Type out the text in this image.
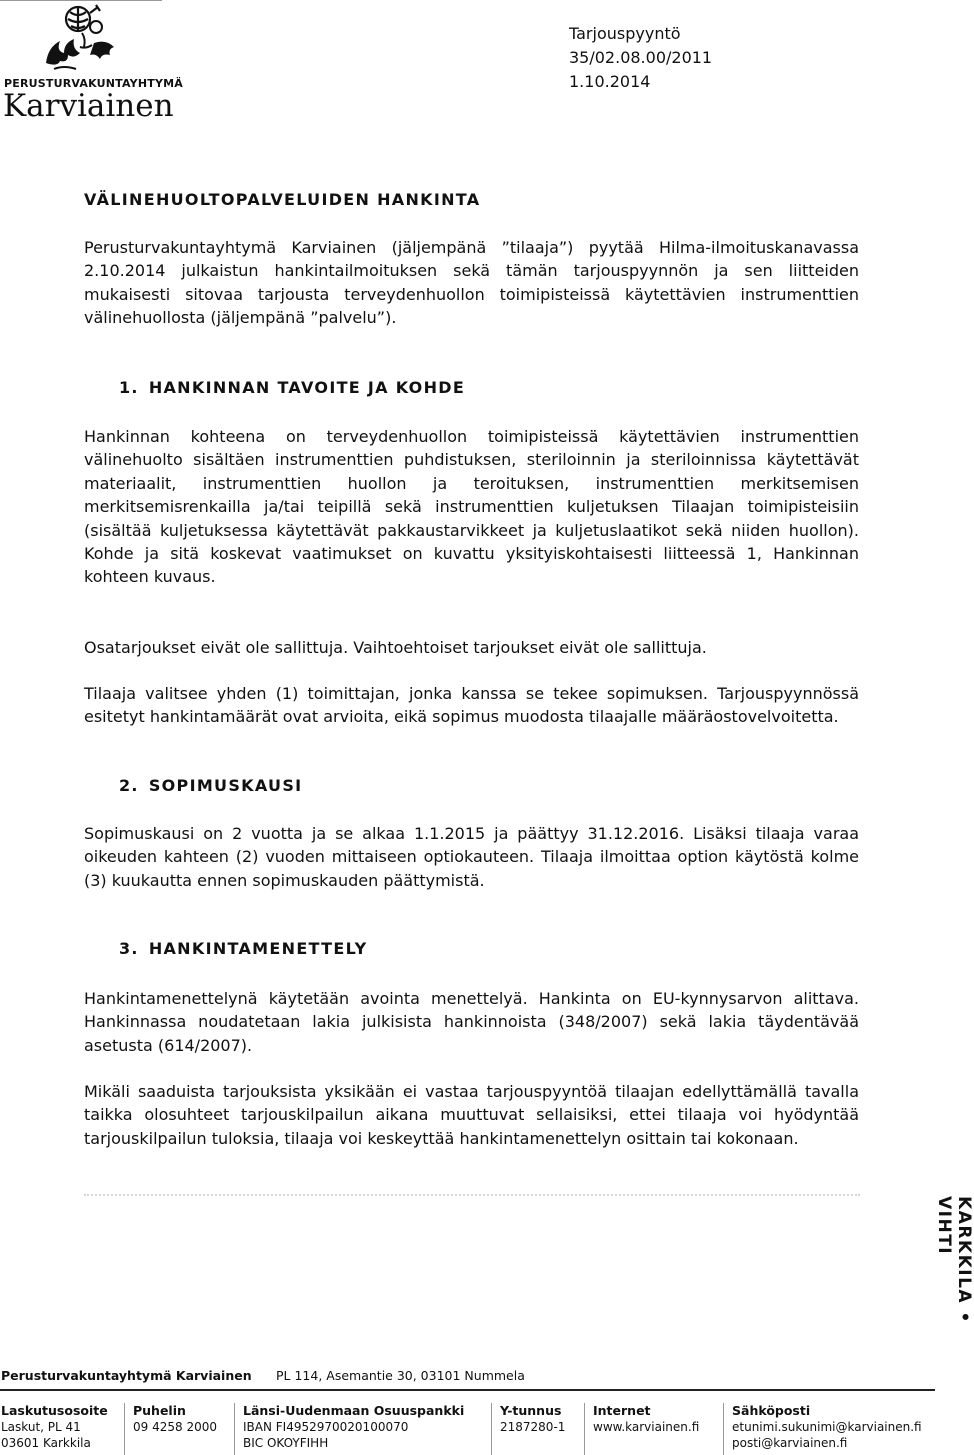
PERUSTURVAKUNTAYHTYMÄ
Karviainen
Tarjouspyyntö
35/02.08.00/2011
1.10.2014
VÄLINEHUOLTOPALVELUIDEN HANKINTA

Perusturvakuntayhtymä Karviainen (jäljempänä ”tilaaja”) pyytää Hilma-ilmoituskanavassa 2.10.2014 julkaistun hankintailmoituksen sekä tämän tarjouspyynnön ja sen liitteiden mukaisesti sitovaa tarjousta terveydenhuollon toimipisteissä käytettävien instrumenttien välinehuollosta (jäljempänä ”palvelu”).

1. HANKINNAN TAVOITE JA KOHDE

Hankinnan kohteena on terveydenhuollon toimipisteissä käytettävien instrumenttien välinehuolto sisältäen instrumenttien puhdistuksen, steriloinnin ja steriloinnissa käytettävät materiaalit, instrumenttien huollon ja teroituksen, instrumenttien merkitsemisen merkitsemisrenkailla ja/tai teipillä sekä instrumenttien kuljetuksen Tilaajan toimipisteisiin (sisältää kuljetuksessa käytettävät pakkaustarvikkeet ja kuljetuslaatikot sekä niiden huollon). Kohde ja sitä koskevat vaatimukset on kuvattu yksityiskohtaisesti liitteessä 1, Hankinnan kohteen kuvaus.

Osatarjoukset eivät ole sallittuja. Vaihtoehtoiset tarjoukset eivät ole sallittuja.

Tilaaja valitsee yhden (1) toimittajan, jonka kanssa se tekee sopimuksen. Tarjouspyynnössä esitetyt hankintamäärät ovat arvioita, eikä sopimus muodosta tilaajalle määräostovelvoitetta.

2. SOPIMUSKAUSI

Sopimuskausi on 2 vuotta ja se alkaa 1.1.2015 ja päättyy 31.12.2016. Lisäksi tilaaja varaa oikeuden kahteen (2) vuoden mittaiseen optiokauteen. Tilaaja ilmoittaa option käytöstä kolme (3) kuukautta ennen sopimuskauden päättymistä.

3. HANKINTAMENETTELY

Hankintamenettelynä käytetään avointa menettelyä. Hankinta on EU-kynnysarvon alittava. Hankinnassa noudatetaan lakia julkisista hankinnoista (348/2007) sekä lakia täydentävää asetusta (614/2007).

Mikäli saaduista tarjouksista yksikään ei vastaa tarjouspyyntöä tilaajan edellyttämällä tavalla taikka olosuhteet tarjouskilpailun aikana muuttuvat sellaisiksi, ettei tilaaja voi hyödyntää tarjouskilpailun tuloksia, tilaaja voi keskeyttää hankintamenettelyn osittain tai kokonaan.

KARKKILA • VIHTI
Perusturvakuntayhtymä Karviainen PL 114, Asemantie 30, 03101 Nummela
Laskutusosoite
Laskut, PL 41
03601 Karkkila
Puhelin
09 4258 2000
Länsi-Uudenmaan Osuuspankki
IBAN FI4952970020100070
BIC OKOYFIHH
Y-tunnus
2187280-1
Internet
www.karviainen.fi
Sähköposti
etunimi.sukunimi@karviainen.fi
posti@karviainen.fi
